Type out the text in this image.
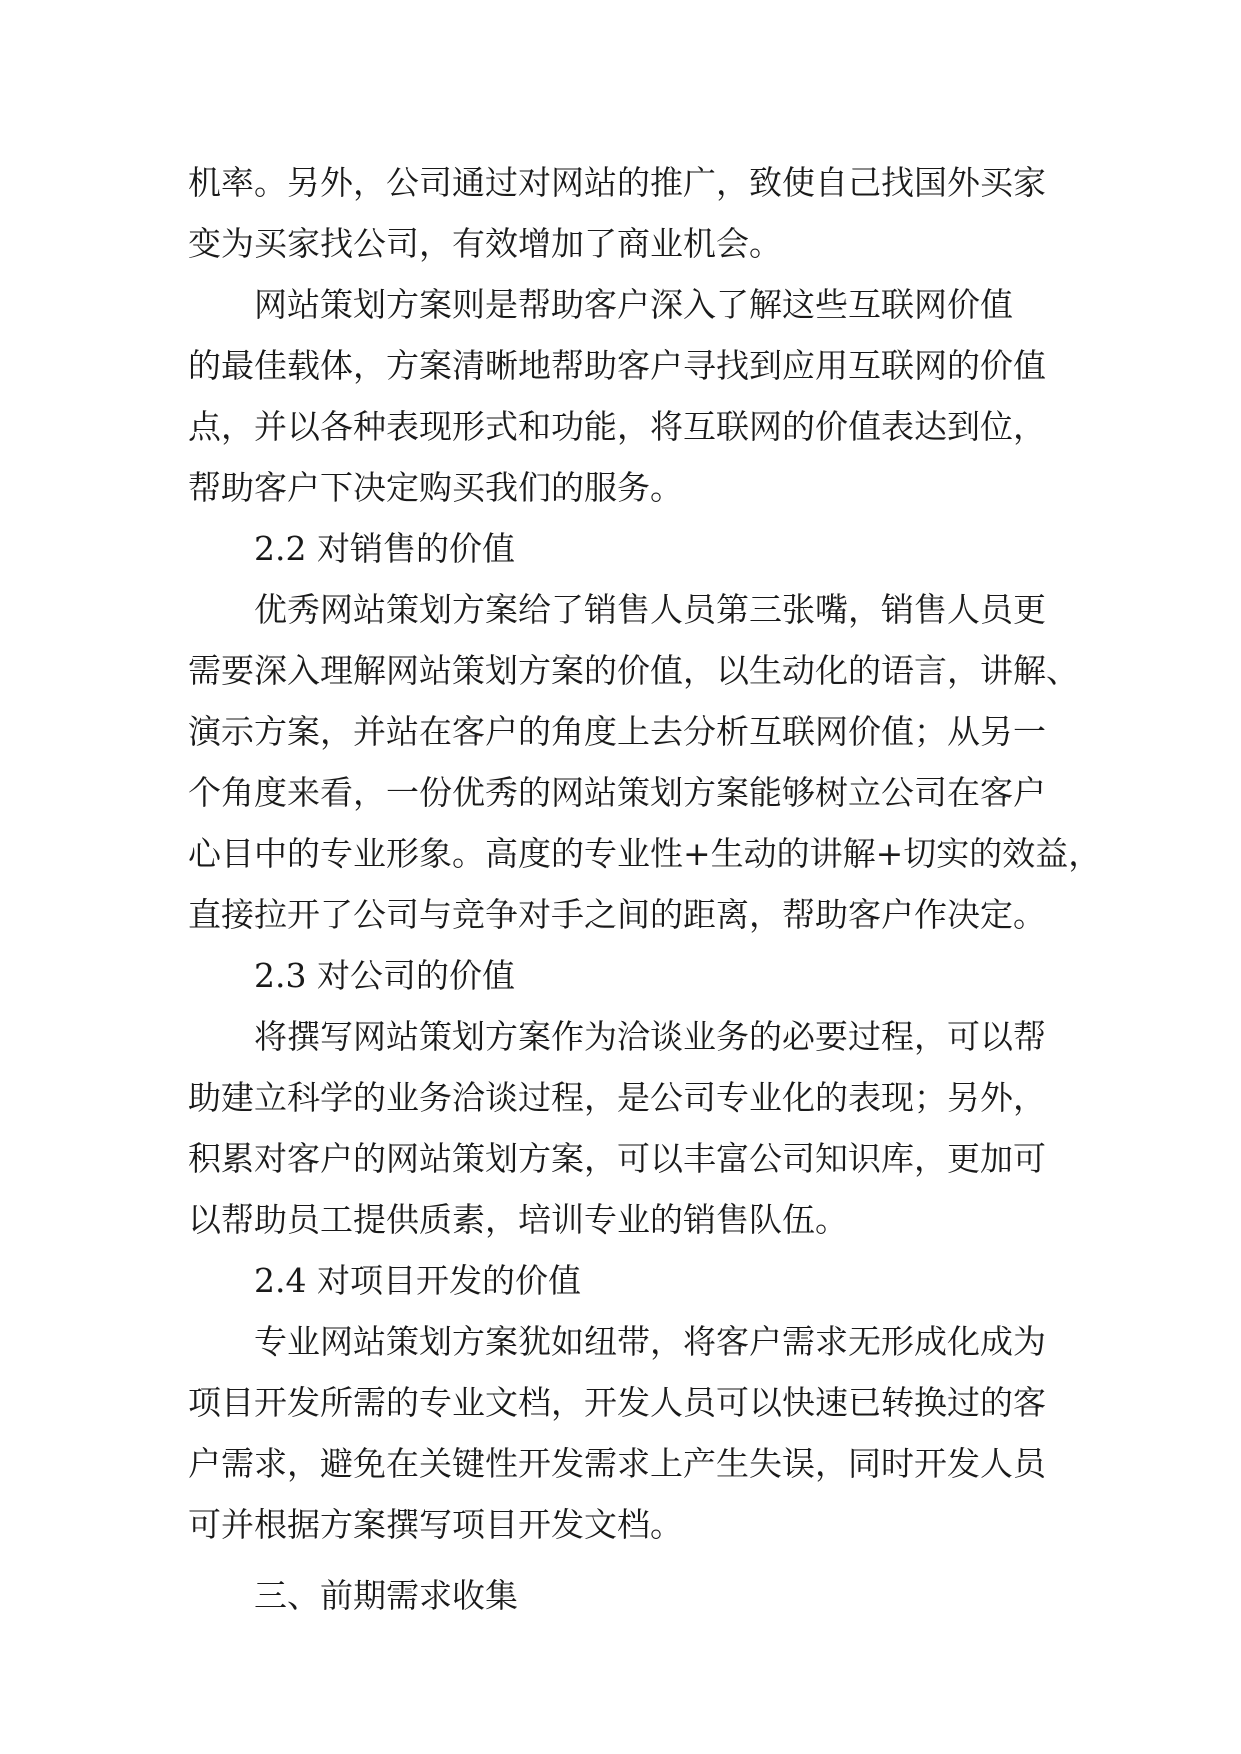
机率。另外，公司通过对网站的推广，致使自己找国外买家
变为买家找公司，有效增加了商业机会。
网站策划方案则是帮助客户深入了解这些互联网价值
的最佳载体，方案清晰地帮助客户寻找到应用互联网的价值
点，并以各种表现形式和功能，将互联网的价值表达到位，
帮助客户下决定购买我们的服务。
2.2 对销售的价值
优秀网站策划方案给了销售人员第三张嘴，销售人员更
需要深入理解网站策划方案的价值，以生动化的语言，讲解、
演示方案，并站在客户的角度上去分析互联网价值；从另一
个角度来看，一份优秀的网站策划方案能够树立公司在客户
心目中的专业形象。高度的专业性+生动的讲解+切实的效益，
直接拉开了公司与竞争对手之间的距离，帮助客户作决定。
2.3 对公司的价值
将撰写网站策划方案作为洽谈业务的必要过程，可以帮
助建立科学的业务洽谈过程，是公司专业化的表现；另外，
积累对客户的网站策划方案，可以丰富公司知识库，更加可
以帮助员工提供质素，培训专业的销售队伍。
2.4 对项目开发的价值
专业网站策划方案犹如纽带，将客户需求无形成化成为
项目开发所需的专业文档，开发人员可以快速已转换过的客
户需求，避免在关键性开发需求上产生失误，同时开发人员
可并根据方案撰写项目开发文档。
三、前期需求收集
